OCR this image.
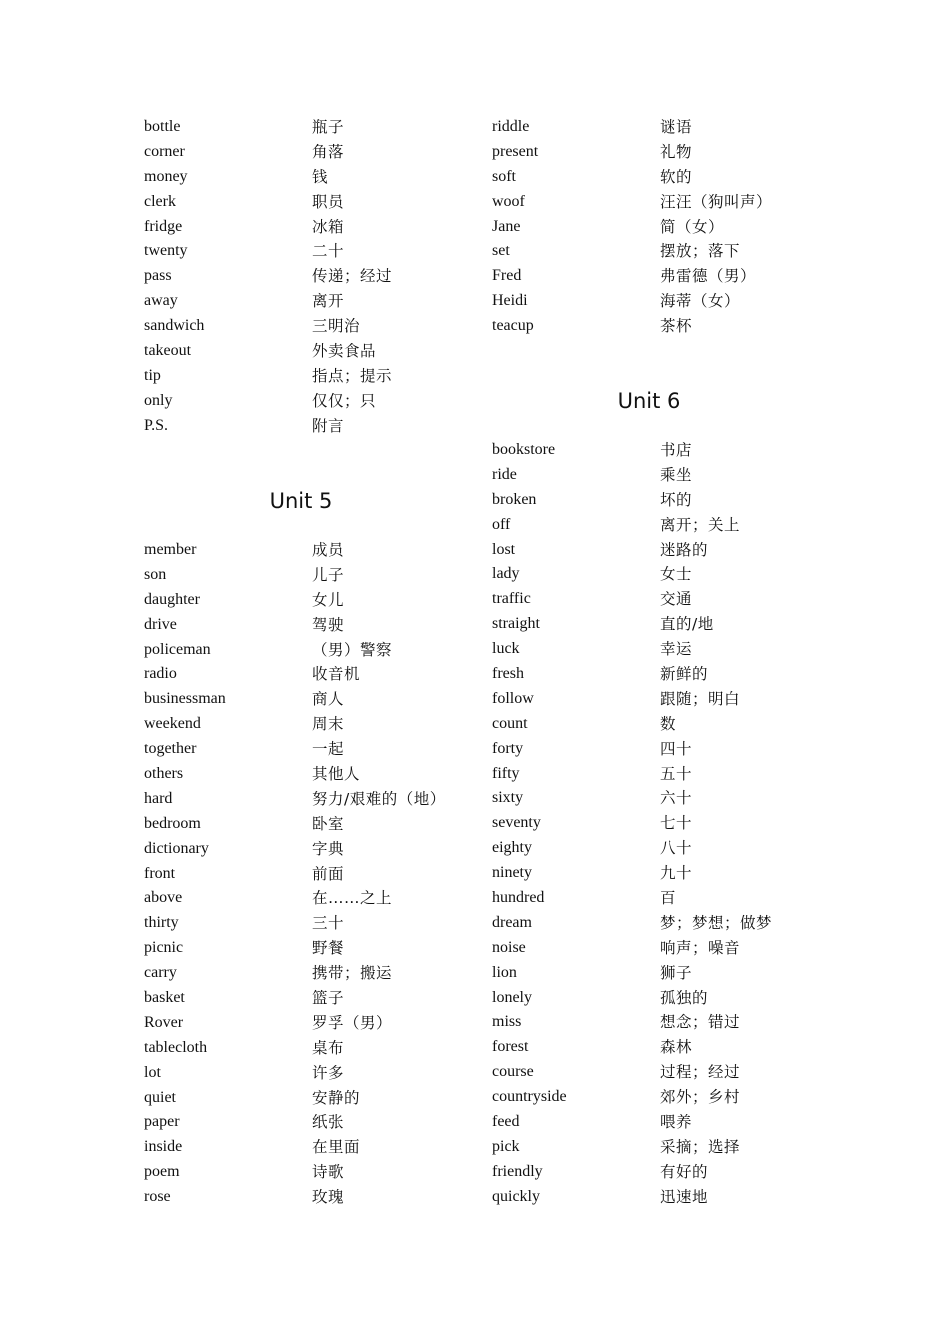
bottle	瓶子
corner	角落
money	钱
clerk	职员
fridge	冰箱
twenty	二十
pass	传递；经过
away	离开
sandwich	三明治
takeout	外卖食品
tip	指点；提示
only	仅仅；只
P.S.	附言
Unit 5
member	成员
son	儿子
daughter	女儿
drive	驾驶
policeman	（男）警察
radio	收音机
businessman	商人
weekend	周末
together	一起
others	其他人
hard	努力/艰难的（地）
bedroom	卧室
dictionary	字典
front	前面
above	在……之上
thirty	三十
picnic	野餐
carry	携带；搬运
basket	篮子
Rover	罗孚（男）
tablecloth	桌布
lot	许多
quiet	安静的
paper	纸张
inside	在里面
poem	诗歌
rose	玫瑰
riddle	谜语
present	礼物
soft	软的
woof	汪汪（狗叫声）
Jane	简（女）
set	摆放；落下
Fred	弗雷德（男）
Heidi	海蒂（女）
teacup	茶杯
Unit 6
bookstore	书店
ride	乘坐
broken	坏的
off	离开；关上
lost	迷路的
lady	女士
traffic	交通
straight	直的/地
luck	幸运
fresh	新鲜的
follow	跟随；明白
count	数
forty	四十
fifty	五十
sixty	六十
seventy	七十
eighty	八十
ninety	九十
hundred	百
dream	梦；梦想；做梦
noise	响声；噪音
lion	狮子
lonely	孤独的
miss	想念；错过
forest	森林
course	过程；经过
countryside	郊外；乡村
feed	喂养
pick	采摘；选择
friendly	有好的
quickly	迅速地
